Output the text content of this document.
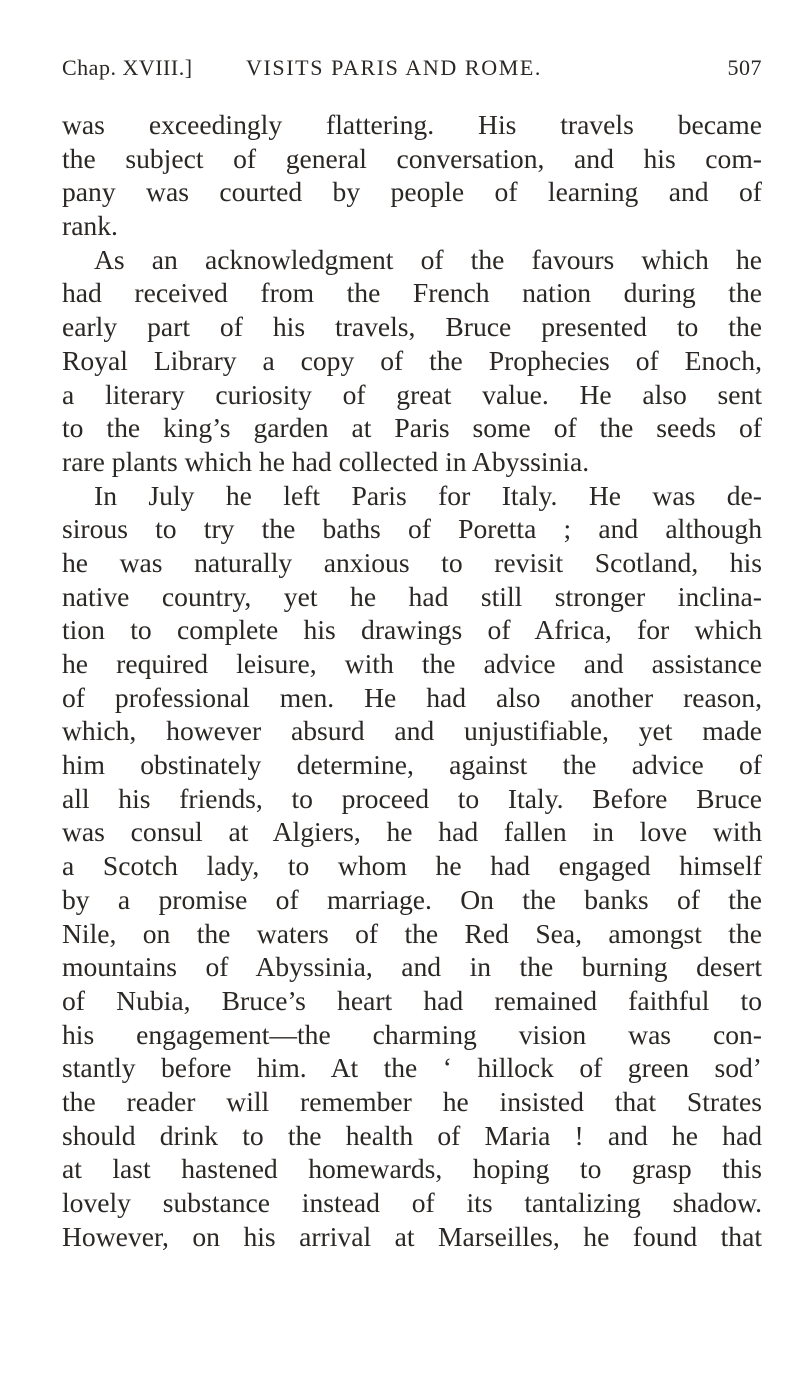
Chap. XVIII.] VISITS PARIS AND ROME.	507
was exceedingly flattering. His travels became
the subject of general conversation, and his com-
pany was courted by people of learning and of
rank.
As an acknowledgment of the favours which he
had received from the French nation during the
early part of his travels, Bruce presented to the
Royal Library a copy of the Prophecies of Enoch,
a literary curiosity of great value. He also sent
to the king’s garden at Paris some of the seeds of
rare plants which he had collected in Abyssinia.
In July he left Paris for Italy. He was de-
sirous to try the baths of Poretta ; and although
he was naturally anxious to revisit Scotland, his
native country, yet he had still stronger inclina-
tion to complete his drawings of Africa, for which
he required leisure, with the advice and assistance
of professional men. He had also another reason,
which, however absurd and unjustifiable, yet made
him obstinately determine, against the advice of
all his friends, to proceed to Italy. Before Bruce
was consul at Algiers, he had fallen in love with
a Scotch lady, to whom he had engaged himself
by a promise of marriage. On the banks of the
Nile, on the waters of the Red Sea, amongst the
mountains of Abyssinia, and in the burning desert
of Nubia, Bruce’s heart had remained faithful to
his engagement—the charming vision was con-
stantly before him. At the ‘ hillock of green sod’
the reader will remember he insisted that Strates
should drink to the health of Maria ! and he had
at last hastened homewards, hoping to grasp this
lovely substance instead of its tantalizing shadow.
However, on his arrival at Marseilles, he found that
